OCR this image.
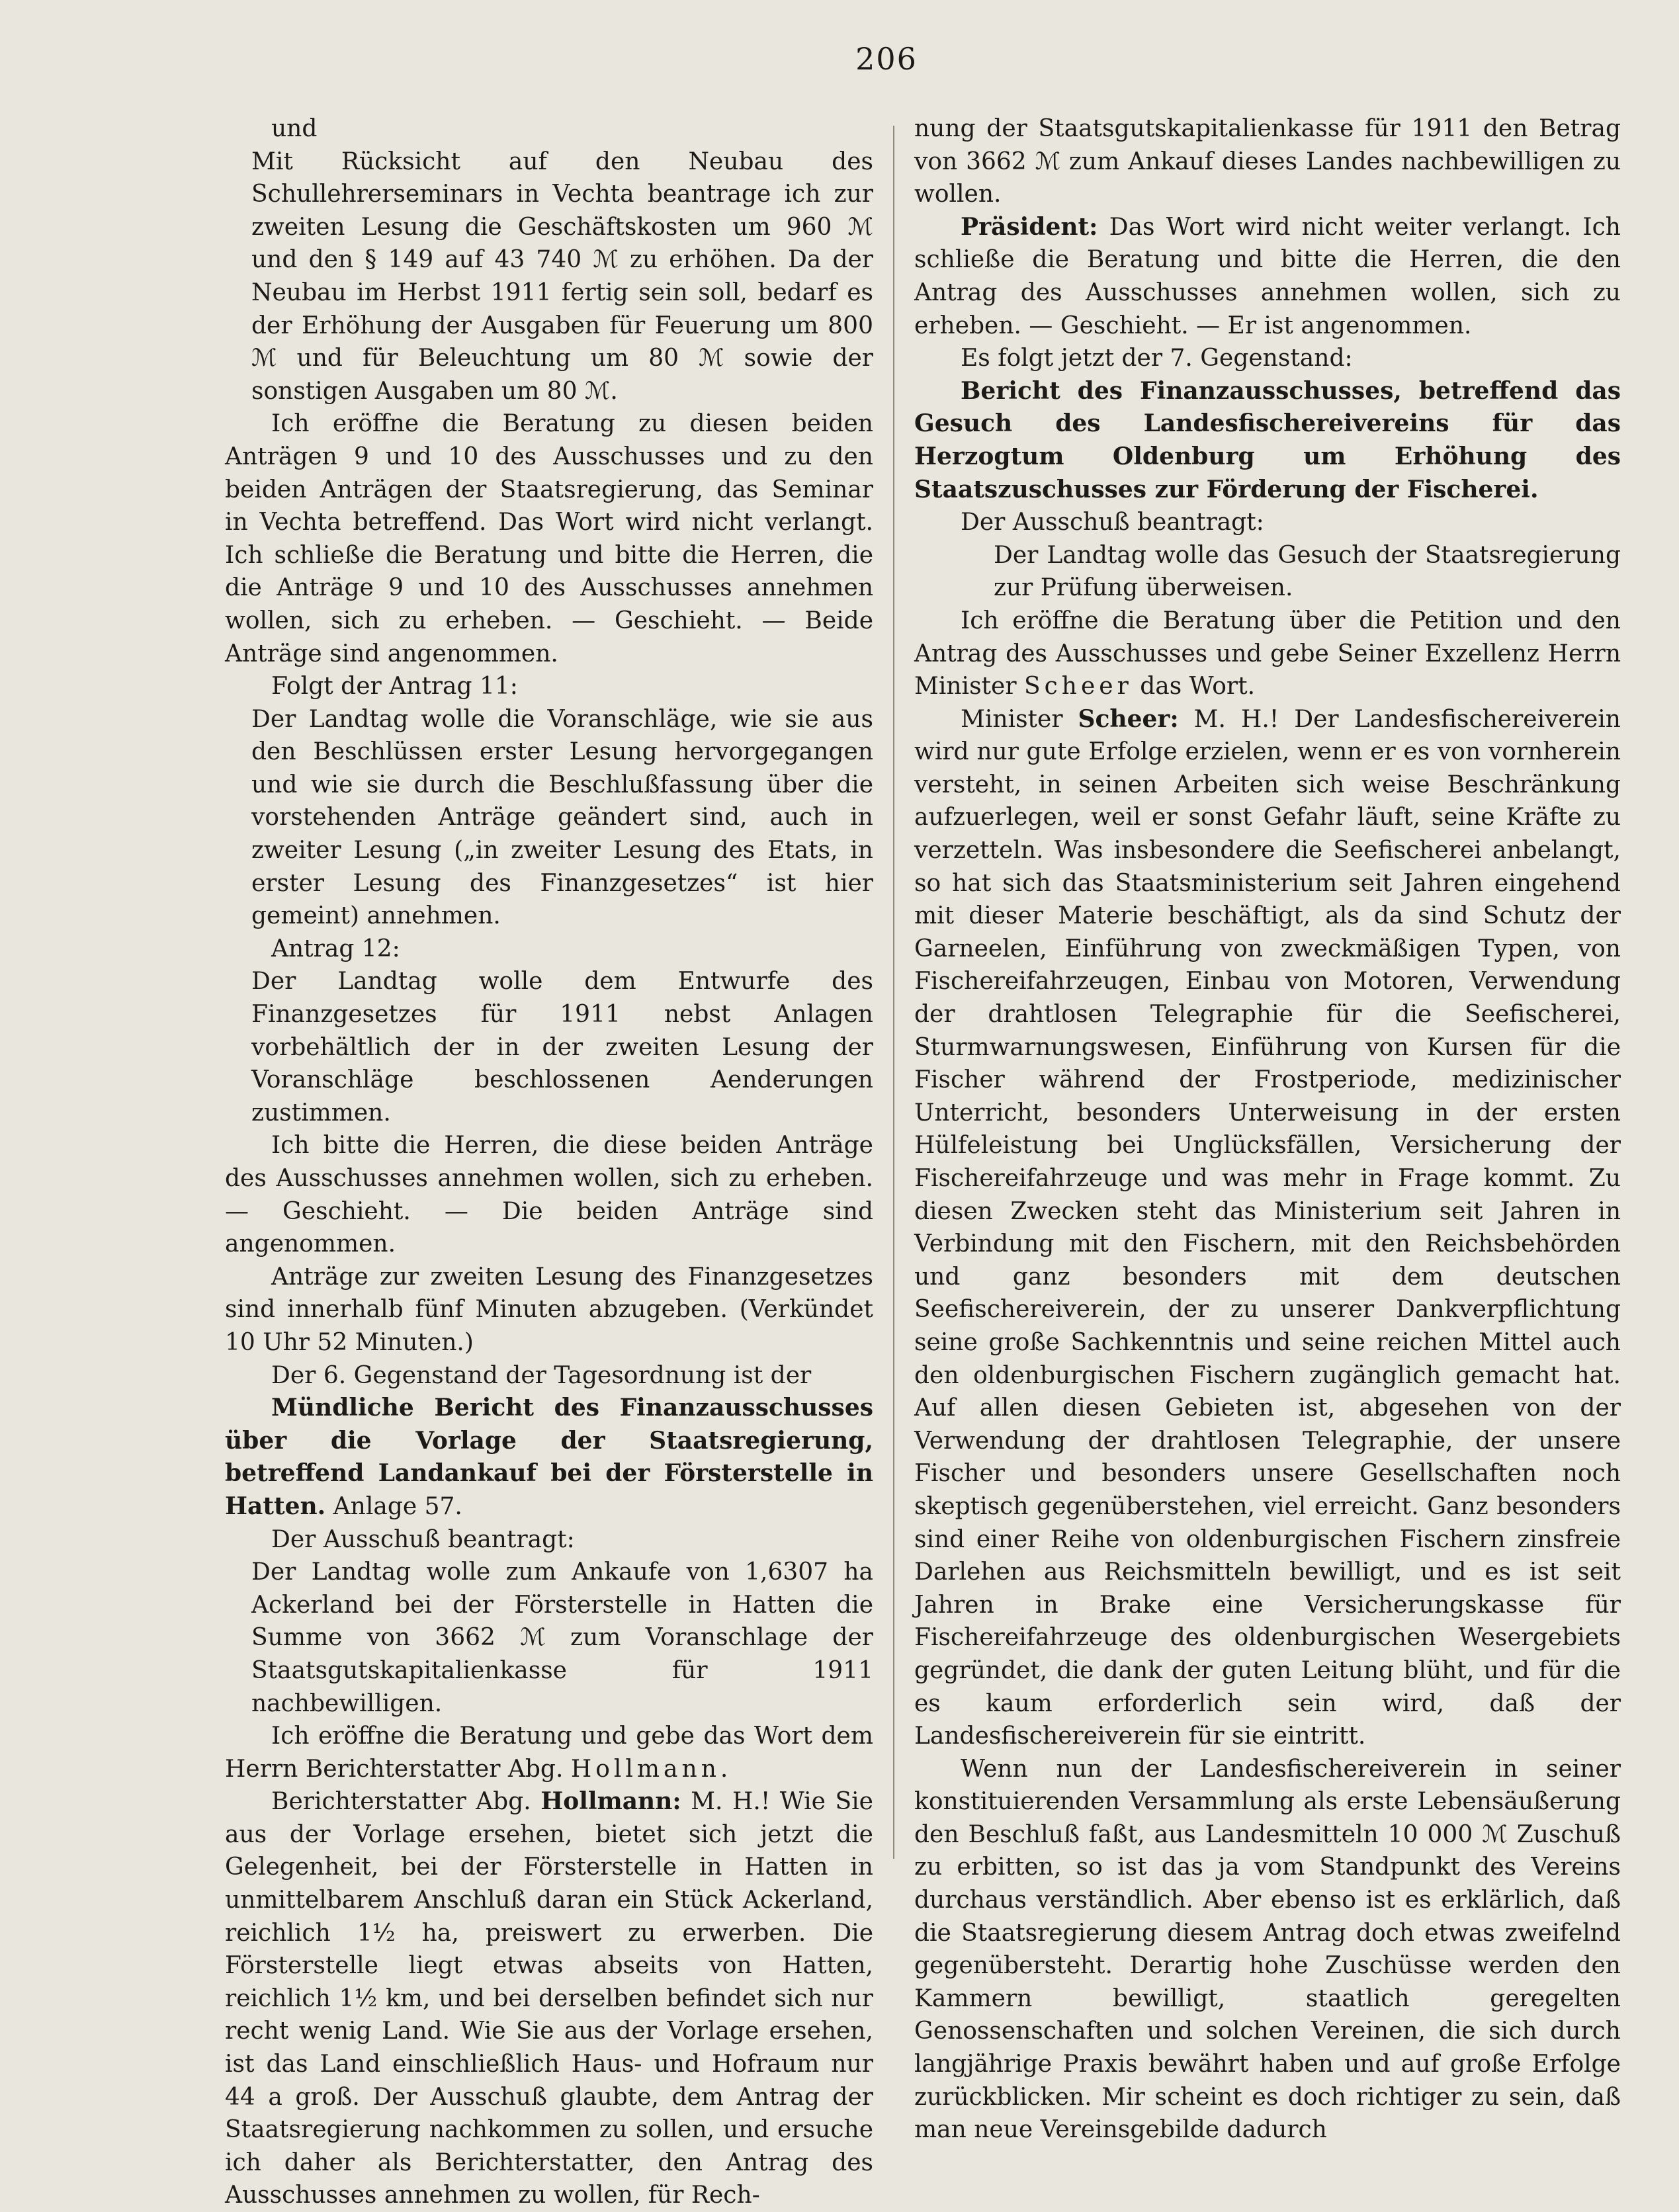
206

und

Mit Rücksicht auf den Neubau des Schullehrerseminars in Vechta beantrage ich zur zweiten Lesung die Geschäftskosten um 960 ℳ und den § 149 auf 43 740 ℳ zu erhöhen. Da der Neubau im Herbst 1911 fertig sein soll, bedarf es der Erhöhung der Ausgaben für Feuerung um 800 ℳ und für Beleuchtung um 80 ℳ sowie der sonstigen Ausgaben um 80 ℳ.

Ich eröffne die Beratung zu diesen beiden Anträgen 9 und 10 des Ausschusses und zu den beiden Anträgen der Staatsregierung, das Seminar in Vechta betreffend. Das Wort wird nicht verlangt. Ich schließe die Beratung und bitte die Herren, die die Anträge 9 und 10 des Ausschusses annehmen wollen, sich zu erheben. — Geschieht. — Beide Anträge sind angenommen.

Folgt der Antrag 11:

Der Landtag wolle die Voranschläge, wie sie aus den Beschlüssen erster Lesung hervorgegangen und wie sie durch die Beschlußfassung über die vorstehenden Anträge geändert sind, auch in zweiter Lesung („in zweiter Lesung des Etats, in erster Lesung des Finanzgesetzes“ ist hier gemeint) annehmen.

Antrag 12:

Der Landtag wolle dem Entwurfe des Finanzgesetzes für 1911 nebst Anlagen vorbehältlich der in der zweiten Lesung der Voranschläge beschlossenen Aenderungen zustimmen.

Ich bitte die Herren, die diese beiden Anträge des Ausschusses annehmen wollen, sich zu erheben. — Geschieht. — Die beiden Anträge sind angenommen.

Anträge zur zweiten Lesung des Finanzgesetzes sind innerhalb fünf Minuten abzugeben. (Verkündet 10 Uhr 52 Minuten.)

Der 6. Gegenstand der Tagesordnung ist der

Mündliche Bericht des Finanzausschusses über die Vorlage der Staatsregierung, betreffend Landankauf bei der Försterstelle in Hatten. Anlage 57.

Der Ausschuß beantragt:

Der Landtag wolle zum Ankaufe von 1,6307 ha Ackerland bei der Försterstelle in Hatten die Summe von 3662 ℳ zum Voranschlage der Staatsgutskapitalienkasse für 1911 nachbewilligen.

Ich eröffne die Beratung und gebe das Wort dem Herrn Berichterstatter Abg. Hollmann.

Berichterstatter Abg. Hollmann: M. H.! Wie Sie aus der Vorlage ersehen, bietet sich jetzt die Gelegenheit, bei der Försterstelle in Hatten in unmittelbarem Anschluß daran ein Stück Ackerland, reichlich 1½ ha, preiswert zu erwerben. Die Försterstelle liegt etwas abseits von Hatten, reichlich 1½ km, und bei derselben befindet sich nur recht wenig Land. Wie Sie aus der Vorlage ersehen, ist das Land einschließlich Haus- und Hofraum nur 44 a groß. Der Ausschuß glaubte, dem Antrag der Staatsregierung nachkommen zu sollen, und ersuche ich daher als Berichterstatter, den Antrag des Ausschusses annehmen zu wollen, für Rech-

nung der Staatsgutskapitalienkasse für 1911 den Betrag von 3662 ℳ zum Ankauf dieses Landes nachbewilligen zu wollen.

Präsident: Das Wort wird nicht weiter verlangt. Ich schließe die Beratung und bitte die Herren, die den Antrag des Ausschusses annehmen wollen, sich zu erheben. — Geschieht. — Er ist angenommen.

Es folgt jetzt der 7. Gegenstand:

Bericht des Finanzausschusses, betreffend das Gesuch des Landesfischereivereins für das Herzogtum Oldenburg um Erhöhung des Staatszuschusses zur Förderung der Fischerei.

Der Ausschuß beantragt:

Der Landtag wolle das Gesuch der Staatsregierung zur Prüfung überweisen.

Ich eröffne die Beratung über die Petition und den Antrag des Ausschusses und gebe Seiner Exzellenz Herrn Minister Scheer das Wort.

Minister Scheer: M. H.! Der Landesfischereiverein wird nur gute Erfolge erzielen, wenn er es von vornherein versteht, in seinen Arbeiten sich weise Beschränkung aufzuerlegen, weil er sonst Gefahr läuft, seine Kräfte zu verzetteln. Was insbesondere die Seefischerei anbelangt, so hat sich das Staatsministerium seit Jahren eingehend mit dieser Materie beschäftigt, als da sind Schutz der Garneelen, Einführung von zweckmäßigen Typen, von Fischereifahrzeugen, Einbau von Motoren, Verwendung der drahtlosen Telegraphie für die Seefischerei, Sturmwarnungswesen, Einführung von Kursen für die Fischer während der Frostperiode, medizinischer Unterricht, besonders Unterweisung in der ersten Hülfeleistung bei Unglücksfällen, Versicherung der Fischereifahrzeuge und was mehr in Frage kommt. Zu diesen Zwecken steht das Ministerium seit Jahren in Verbindung mit den Fischern, mit den Reichsbehörden und ganz besonders mit dem deutschen Seefischereiverein, der zu unserer Dankverpflichtung seine große Sachkenntnis und seine reichen Mittel auch den oldenburgischen Fischern zugänglich gemacht hat. Auf allen diesen Gebieten ist, abgesehen von der Verwendung der drahtlosen Telegraphie, der unsere Fischer und besonders unsere Gesellschaften noch skeptisch gegenüberstehen, viel erreicht. Ganz besonders sind einer Reihe von oldenburgischen Fischern zinsfreie Darlehen aus Reichsmitteln bewilligt, und es ist seit Jahren in Brake eine Versicherungskasse für Fischereifahrzeuge des oldenburgischen Wesergebiets gegründet, die dank der guten Leitung blüht, und für die es kaum erforderlich sein wird, daß der Landesfischereiverein für sie eintritt.

Wenn nun der Landesfischereiverein in seiner konstituierenden Versammlung als erste Lebensäußerung den Beschluß faßt, aus Landesmitteln 10 000 ℳ Zuschuß zu erbitten, so ist das ja vom Standpunkt des Vereins durchaus verständlich. Aber ebenso ist es erklärlich, daß die Staatsregierung diesem Antrag doch etwas zweifelnd gegenübersteht. Derartig hohe Zuschüsse werden den Kammern bewilligt, staatlich geregelten Genossenschaften und solchen Vereinen, die sich durch langjährige Praxis bewährt haben und auf große Erfolge zurückblicken. Mir scheint es doch richtiger zu sein, daß man neue Vereinsgebilde dadurch
